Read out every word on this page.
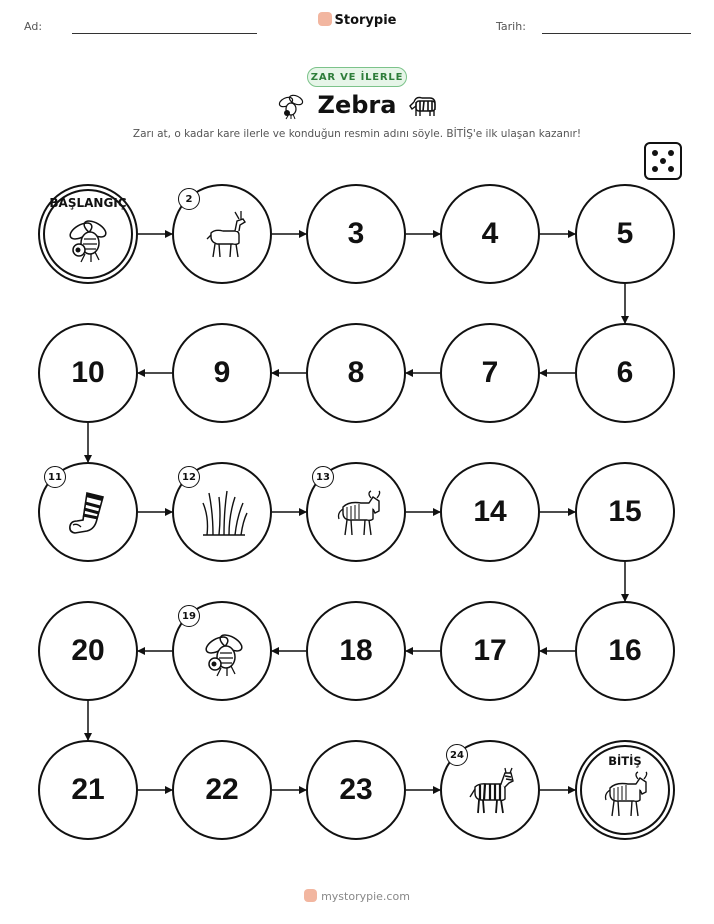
Ad:	Storypie	Tarih:
ZAR VE İLERLE
Zebra
Zarı at, o kadar kare ilerle ve konduğun resmin adını söyle. BİTİŞ'e ilk ulaşan kazanır!
BAŞLANGIÇ	2
3	4	5
6
7
8
9
10
11	12	13
14	15
16
17
18
19
20
21	22	23
24	BİTİŞ
mystorypie.com
